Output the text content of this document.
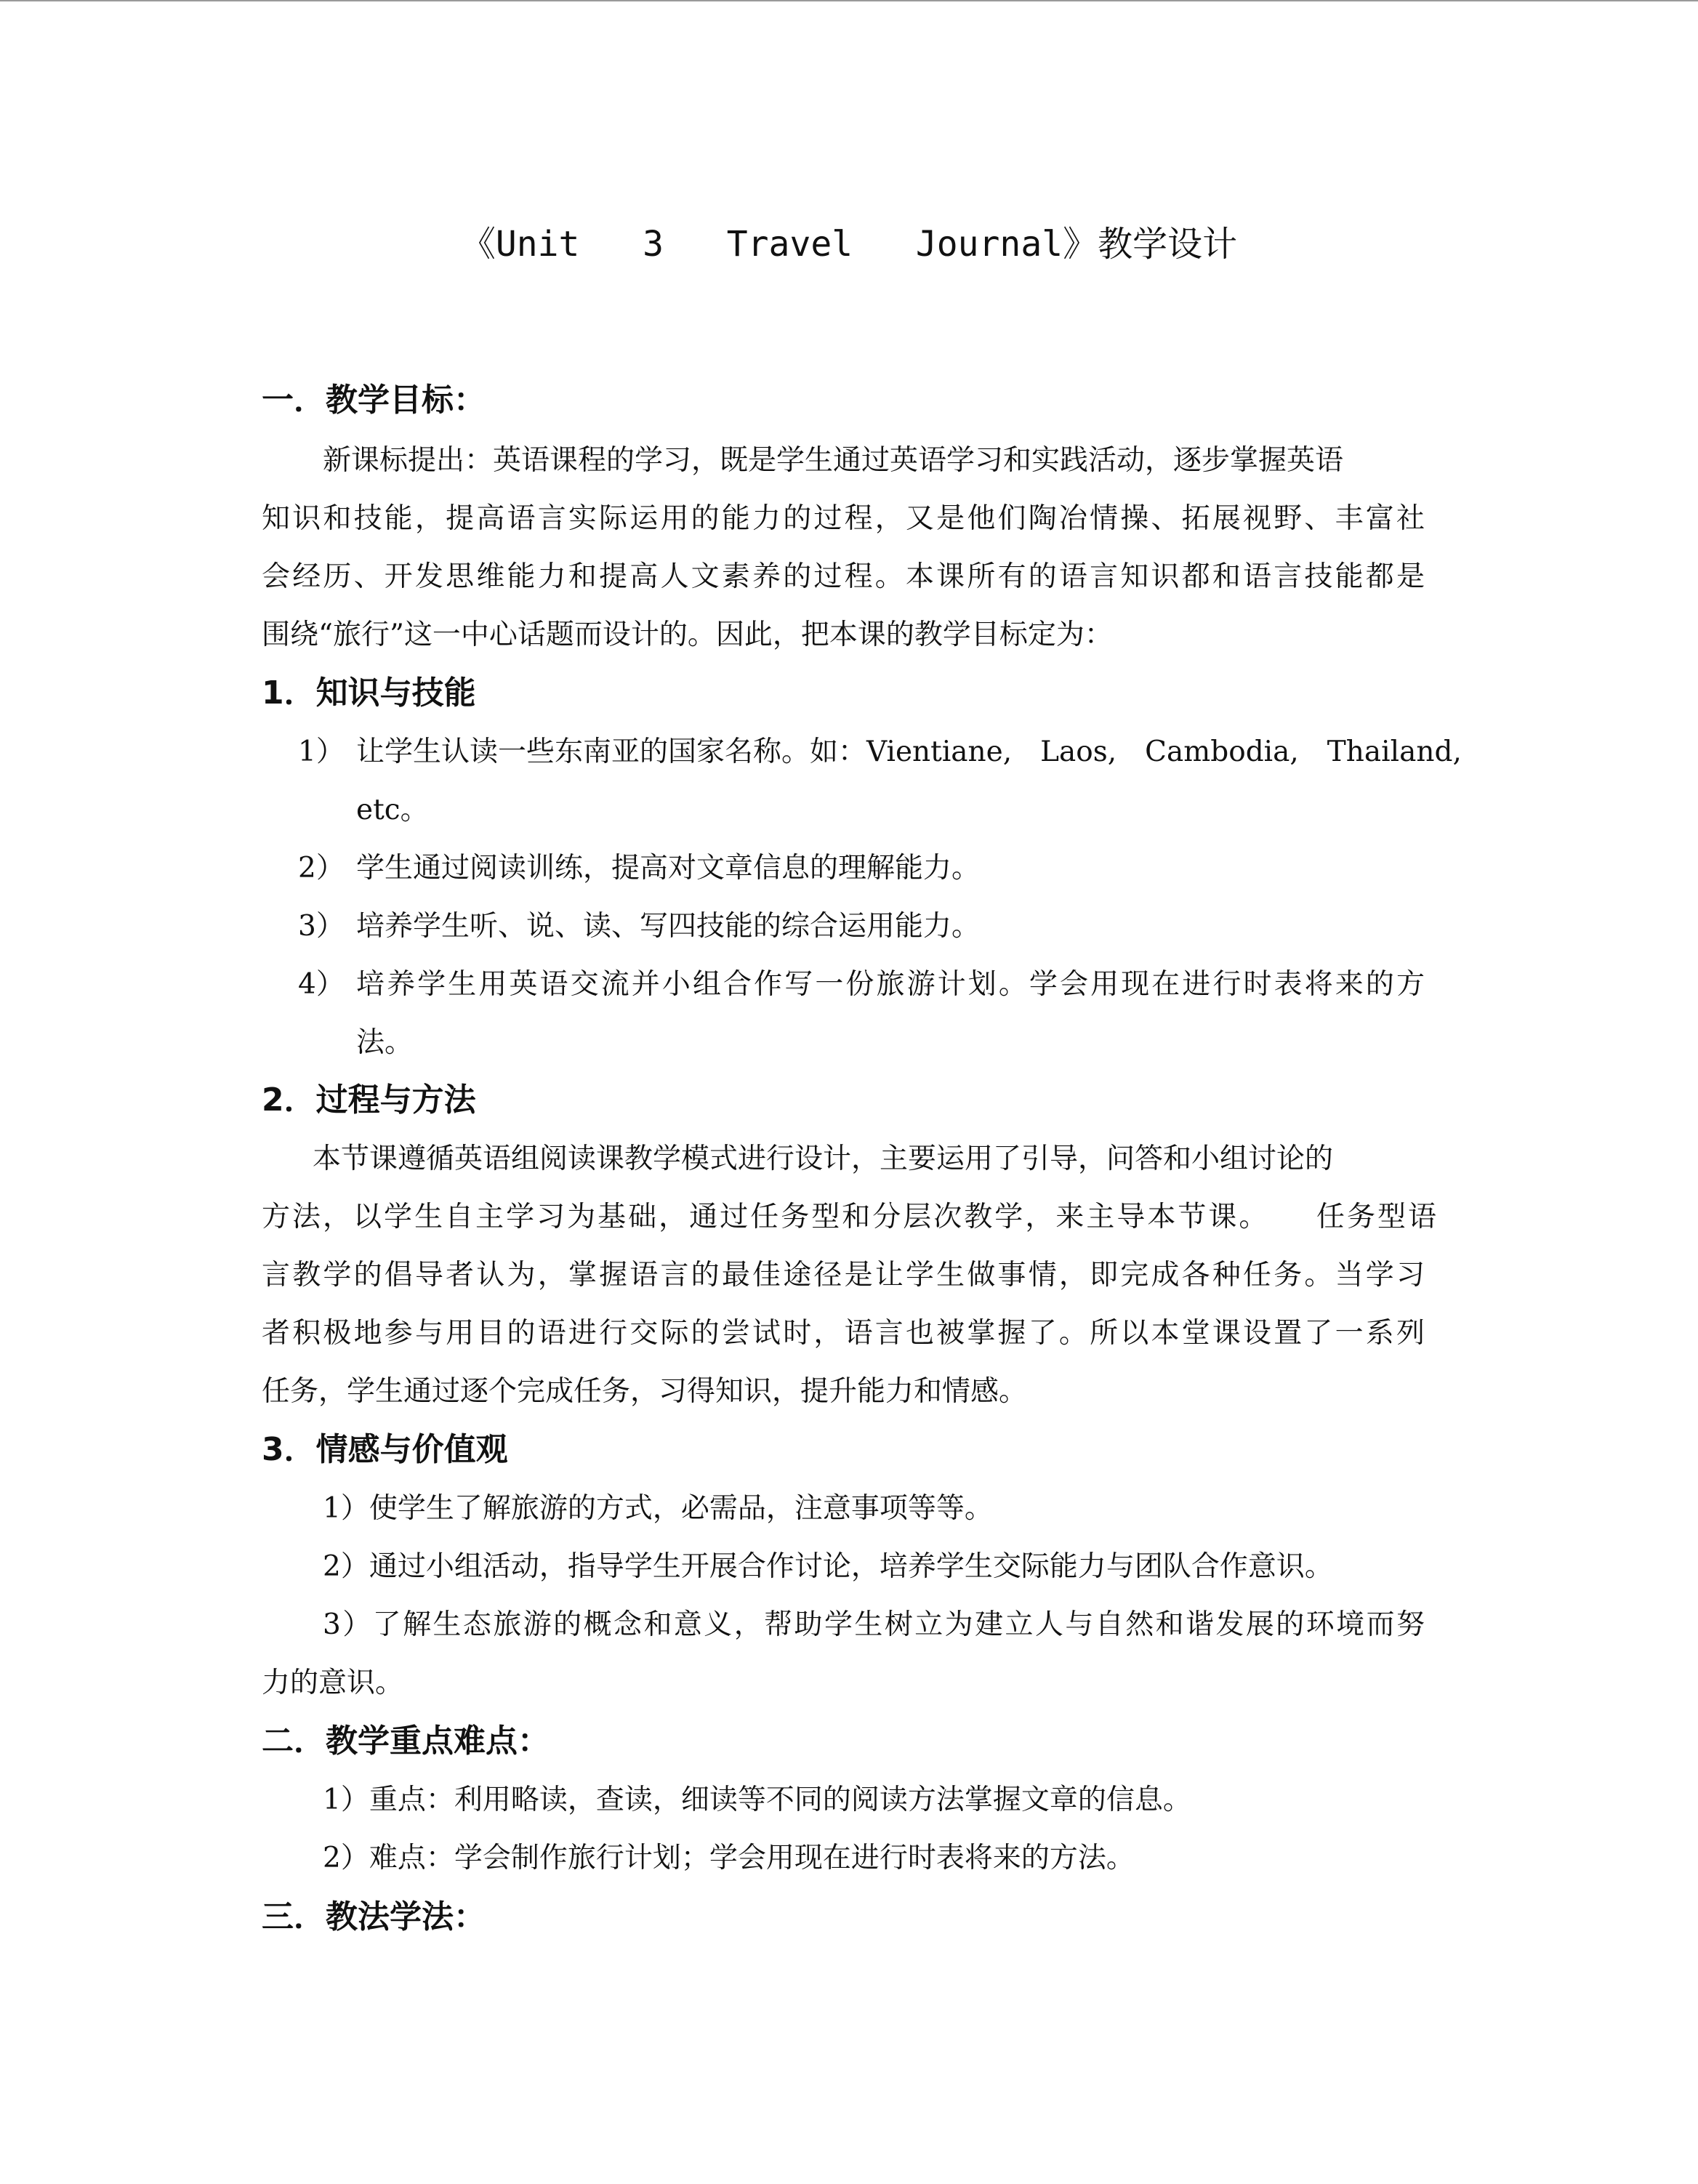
《Unit   3   Travel   Journal》教学设计
一．教学目标：
新课标提出：英语课程的学习，既是学生通过英语学习和实践活动，逐步掌握英语
知识和技能，提高语言实际运用的能力的过程，又是他们陶冶情操、拓展视野、丰富社
会经历、开发思维能力和提高人文素养的过程。本课所有的语言知识都和语言技能都是
围绕“旅行”这一中心话题而设计的。因此，把本课的教学目标定为：
1．知识与技能
1） 让学生认读一些东南亚的国家名称。如：Vientiane,　Laos,　Cambodia,　Thailand,
etc。
2） 学生通过阅读训练，提高对文章信息的理解能力。
3） 培养学生听、说、读、写四技能的综合运用能力。
4） 培养学生用英语交流并小组合作写一份旅游计划。学会用现在进行时表将来的方
法。
2．过程与方法
本节课遵循英语组阅读课教学模式进行设计，主要运用了引导，问答和小组讨论的
方法，以学生自主学习为基础，通过任务型和分层次教学，来主导本节课。　　任务型语
言教学的倡导者认为，掌握语言的最佳途径是让学生做事情，即完成各种任务。当学习
者积极地参与用目的语进行交际的尝试时，语言也被掌握了。所以本堂课设置了一系列
任务，学生通过逐个完成任务，习得知识，提升能力和情感。
3．情感与价值观
1）使学生了解旅游的方式，必需品，注意事项等等。
2）通过小组活动，指导学生开展合作讨论，培养学生交际能力与团队合作意识。
3）了解生态旅游的概念和意义，帮助学生树立为建立人与自然和谐发展的环境而努
力的意识。
二．教学重点难点：
1）重点：利用略读，查读，细读等不同的阅读方法掌握文章的信息。
2）难点：学会制作旅行计划；学会用现在进行时表将来的方法。
三．教法学法：
